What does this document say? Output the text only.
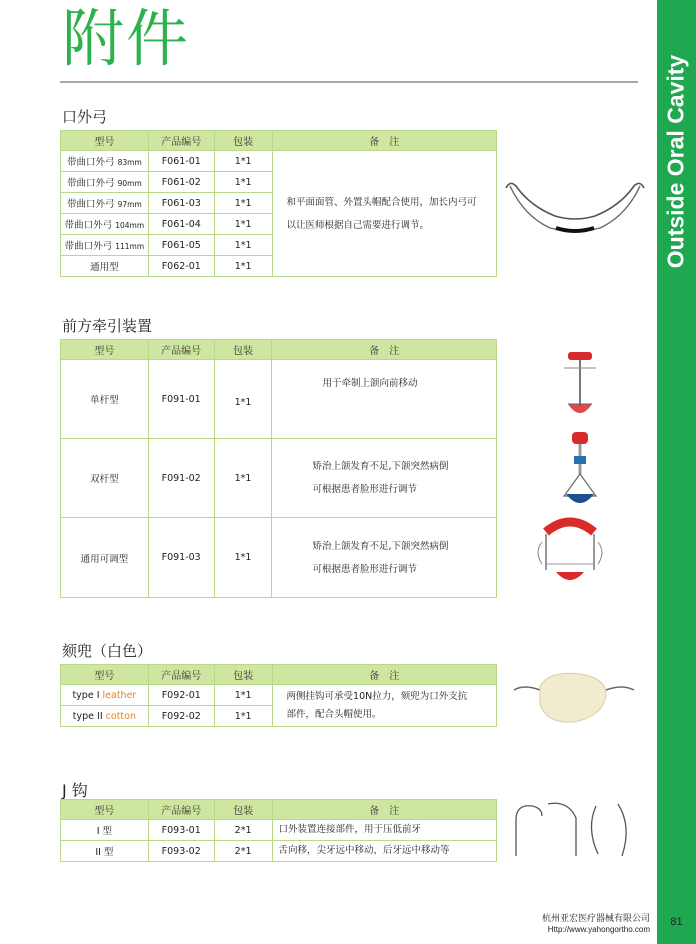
附件
Outside Oral Cavity
口外弓
型号	产品编号	包装	备　注
带曲口外弓 83mm	F061-01	1*1	和平面面管、外置头帽配合使用，加长内弓可
以让医师根据自己需要进行调节。

带曲口外弓 90mm	F061-02	1*1	
带曲口外弓 97mm	F061-03	1*1	
带曲口外弓 104mm	F061-04	1*1	
带曲口外弓 111mm	F061-05	1*1	
通用型	F062-01	1*1	
前方牵引装置
型号	产品编号	包装	备　注
单杆型	F091-01	1*1	用于牵制上颌向前移动

双杆型	F091-02	1*1	矫治上颌发育不足,下颌突然病倒
可根据患者脸形进行调节

通用可调型	F091-03	1*1	矫治上颌发育不足,下颌突然病倒
可根据患者脸形进行调节
颏兜（白色）
型号	产品编号	包装	备　注
type I leather	F092-01	1*1	两侧挂钩可承受10N拉力，颏兜为口外支抗
部件，配合头帽使用。

type II cotton	F092-02	1*1	
J 钩
型号	产品编号	包装	备　注
I 型	F093-01	2*1	口外装置连接部件，用于压低前牙
II 型	F093-02	2*1	舌向移，尖牙远中移动，后牙远中移动等
杭州亚宏医疗器械有限公司
Http://www.yahongortho.com
81
